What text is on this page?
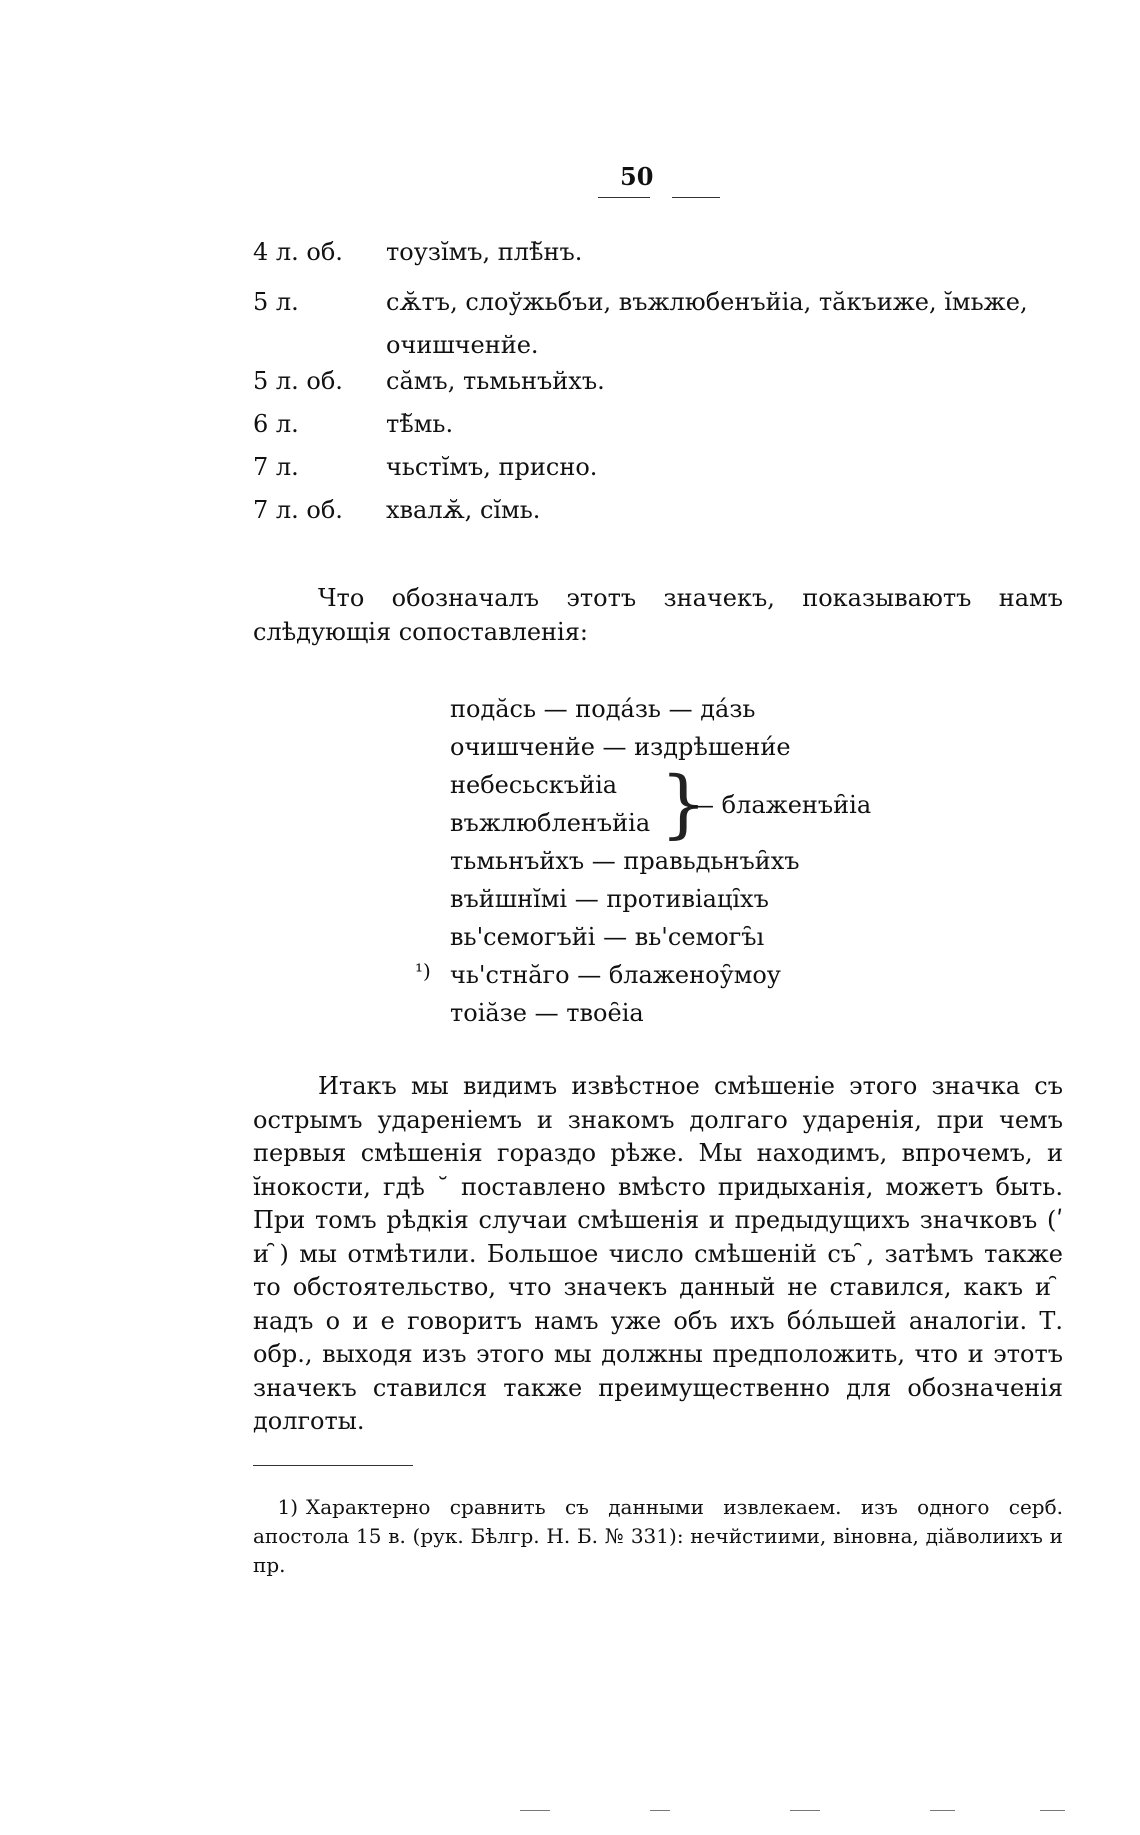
50
4 л. об.	тоузі̆мъ, плѣ̆нъ.
5 л.	сѫ̆тъ, слоўжьбъи, въжлюбенъйіа, тӑкъиже, і̆мьже, очишченйе.
5 л. об.	сӑмъ, тьмьнъйхъ.
6 л.	тѣ̆мь.
7 л.	чьсті̆мъ, присно.
7 л. об.	хвалѫ̆, сі̆мь.

Что обозначалъ этотъ значекъ, показываютъ намъ слѣдующія сопоставленія:

подӑсь — пода́зь — да́зь
очишченйе — издрѣшени́е
небесьскъйіа
въжлюбленъйіа }
— блаженъи̑іа
тьмьнъйхъ — правьдьнъи̑хъ
въйшні̆мі — противіаці̑хъ
вь'семогъйі — вь'семогъ̑ı
¹) чь'стнӑго — блаженоу̑моу
тоіӑзе — твое̑іа

Итакъ мы видимъ извѣстное смѣшеніе этого значка съ острымъ удареніемъ и знакомъ долгаго ударенія, при чемъ первыя смѣшенія гораздо рѣже. Мы находимъ, впрочемъ, и і̆нокости, гдѣ ˘ поставлено вмѣсто придыханія, можетъ быть. При томъ рѣдкія случаи смѣшенія и предыдущихъ значковъ (ʹ и ̑) мы отмѣтили. Большое число смѣшеній съ ̑, затѣмъ также то обстоятельство, что значекъ данный не ставился, какъ и ̑ надъ о и е говоритъ намъ уже объ ихъ бо́льшей аналогіи. Т. обр., выходя изъ этого мы должны предположить, что и этотъ значекъ ставился также преимущественно для обозначенія долготы.

1) Характерно сравнить съ данными извлекаем. изъ одного серб. апостола 15 в. (рук. Бѣлгр. Н. Б. № 331): нечйстиими, вi̇новнa, дiӑволиихъ и пр.
